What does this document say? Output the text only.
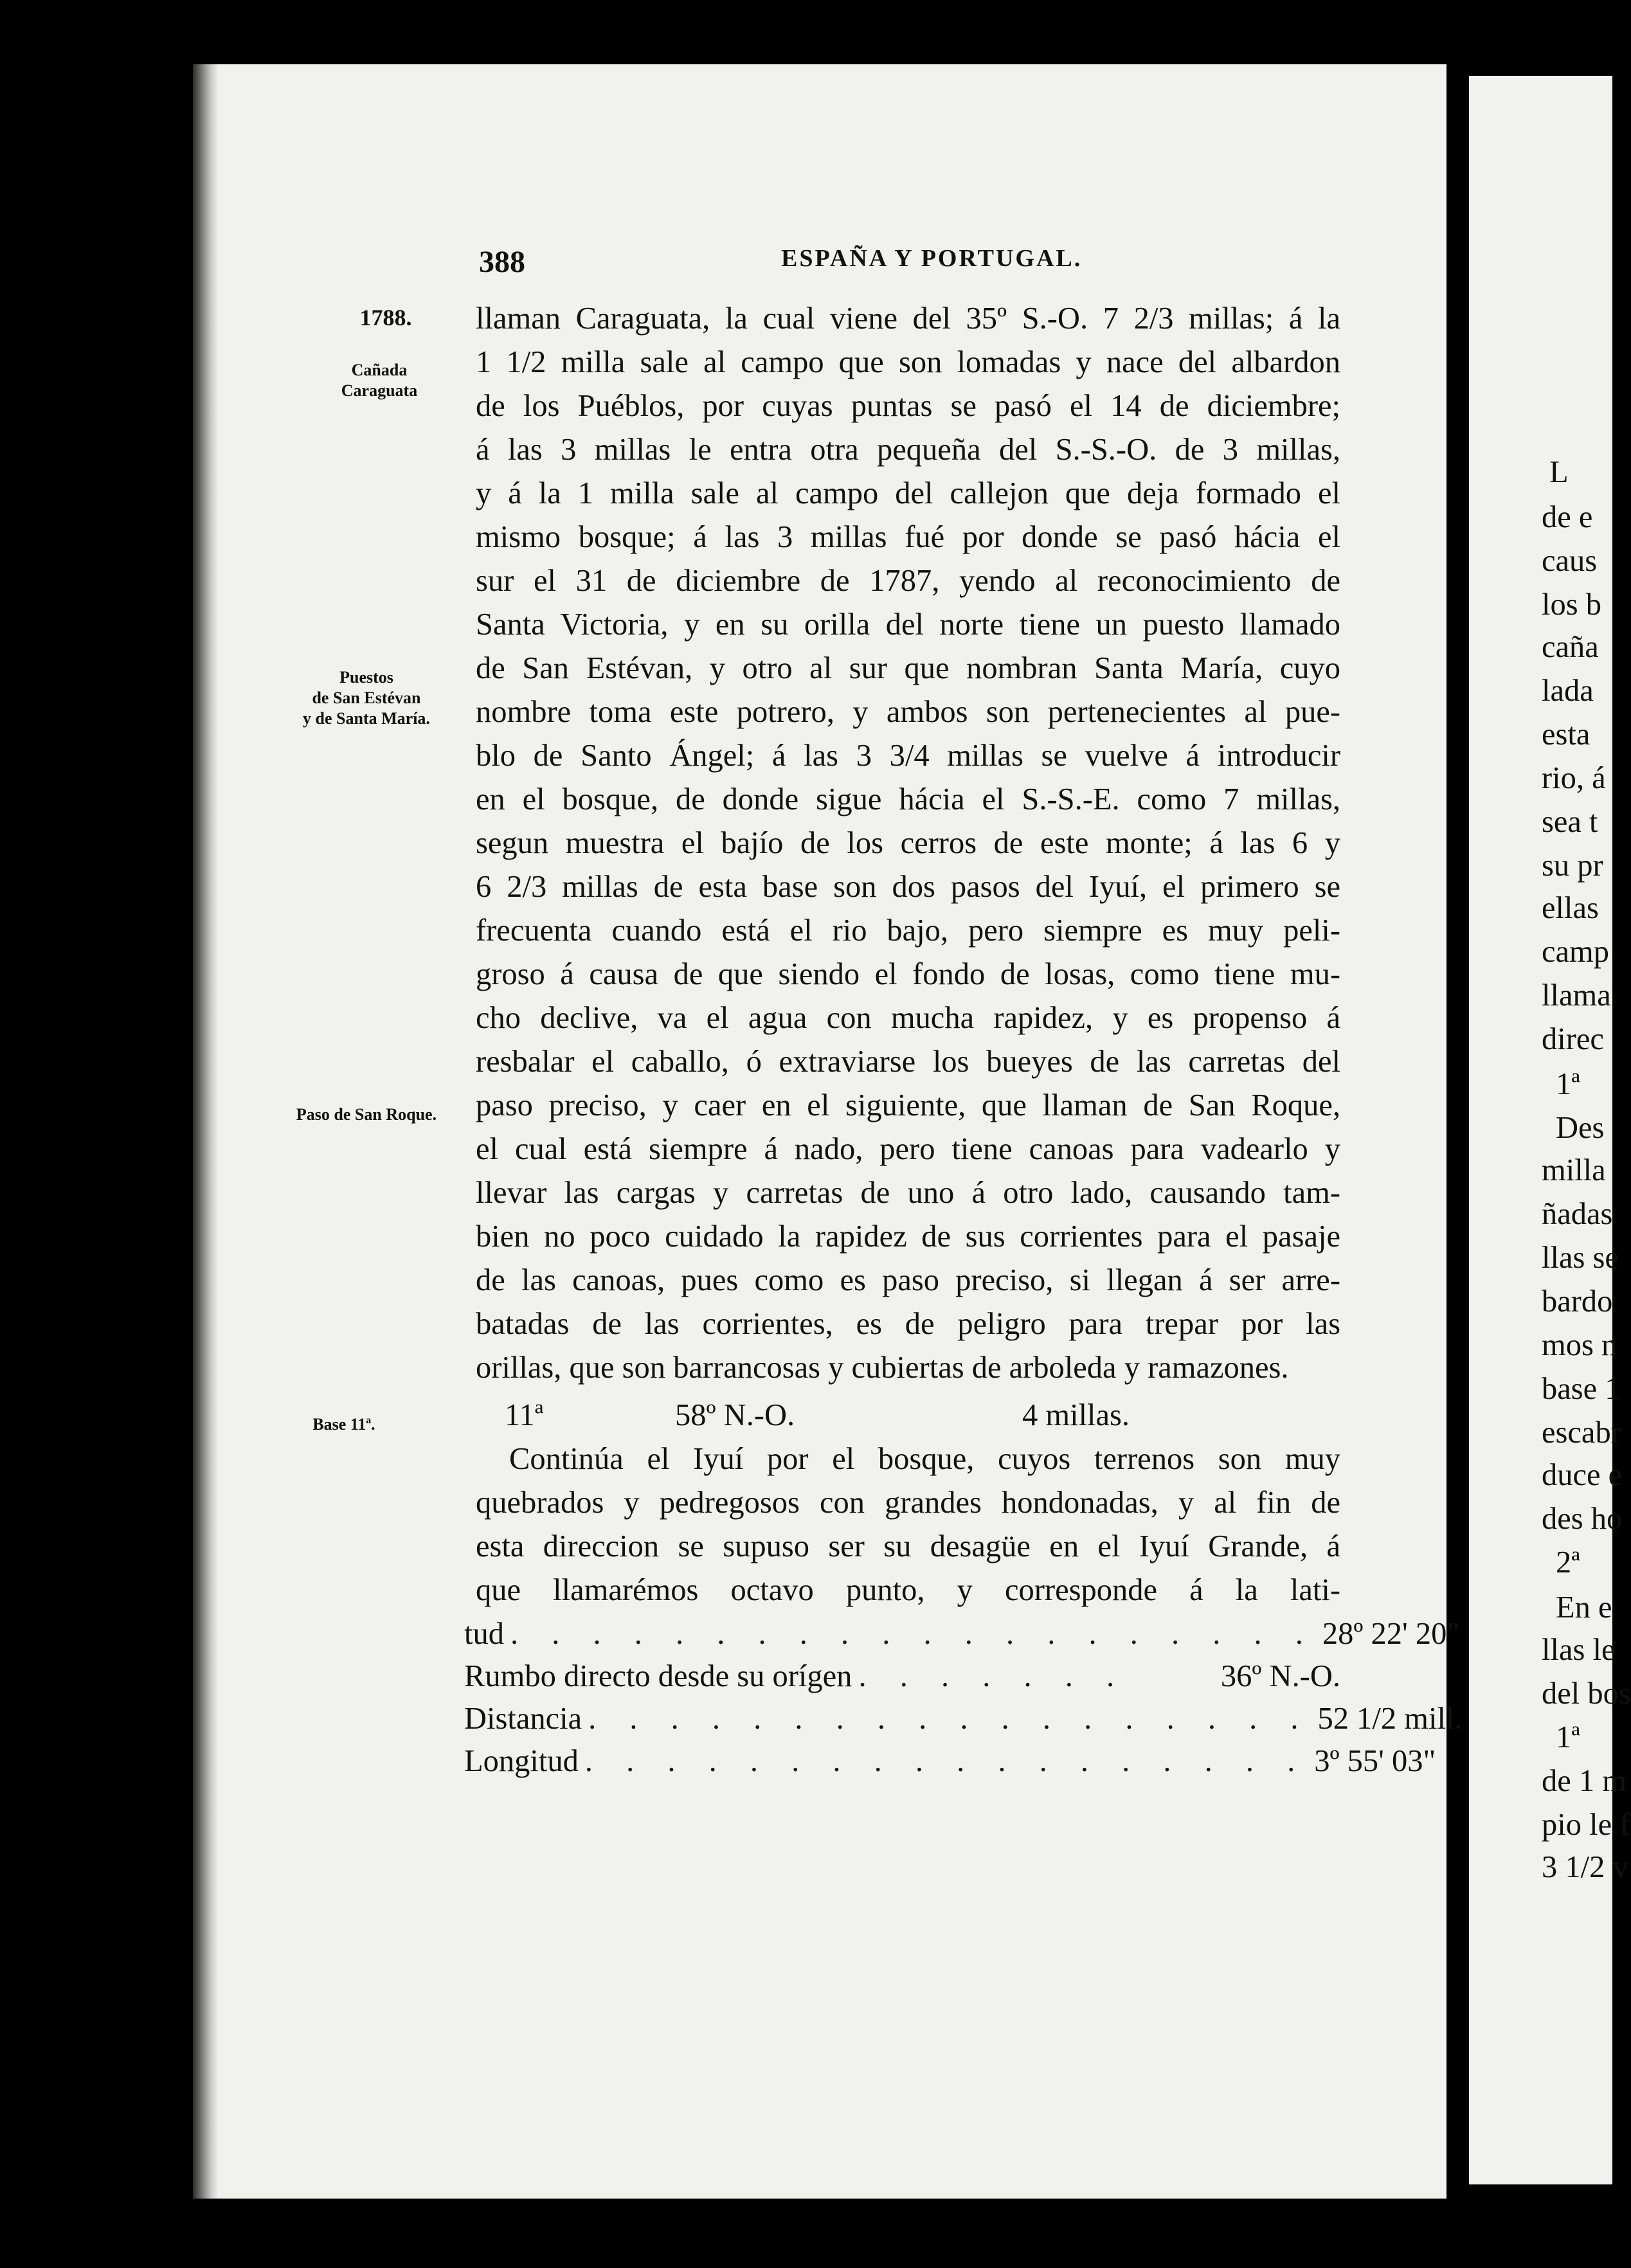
388	ESPAÑA Y PORTUGAL.
1788.
Cañada
Caraguata
Puestos
de San Estévan
y de Santa María.
Paso de San Roque.
Base 11ª.
llaman Caraguata, la cual viene del 35º S.-O. 7 2/3 millas; á la
1 1/2 milla sale al campo que son lomadas y nace del albardon
de los Puéblos, por cuyas puntas se pasó el 14 de diciembre;
á las 3 millas le entra otra pequeña del S.-S.-O. de 3 millas,
y á la 1 milla sale al campo del callejon que deja formado el
mismo bosque; á las 3 millas fué por donde se pasó hácia el
sur el 31 de diciembre de 1787, yendo al reconocimiento de
Santa Victoria, y en su orilla del norte tiene un puesto llamado
de San Estévan, y otro al sur que nombran Santa María, cuyo
nombre toma este potrero, y ambos son pertenecientes al pue-
blo de Santo Ángel; á las 3 3/4 millas se vuelve á introducir
en el bosque, de donde sigue hácia el S.-S.-E. como 7 millas,
segun muestra el bajío de los cerros de este monte; á las 6 y
6 2/3 millas de esta base son dos pasos del Iyuí, el primero se
frecuenta cuando está el rio bajo, pero siempre es muy peli-
groso á causa de que siendo el fondo de losas, como tiene mu-
cho declive, va el agua con mucha rapidez, y es propenso á
resbalar el caballo, ó extraviarse los bueyes de las carretas del
paso preciso, y caer en el siguiente, que llaman de San Roque,
el cual está siempre á nado, pero tiene canoas para vadearlo y
llevar las cargas y carretas de uno á otro lado, causando tam-
bien no poco cuidado la rapidez de sus corrientes para el pasaje
de las canoas, pues como es paso preciso, si llegan á ser arre-
batadas de las corrientes, es de peligro para trepar por las
orillas, que son barrancosas y cubiertas de arboleda y ramazones.
11ª	58º N.-O.	4 millas.
Continúa el Iyuí por el bosque, cuyos terrenos son muy
quebrados y pedregosos con grandes hondonadas, y al fin de
esta direccion se supuso ser su desagüe en el Iyuí Grande, á
que llamarémos octavo punto, y corresponde á la lati-
tud . . . . . . . . . . . . . . . . . . . . 28º 22' 20"
Rumbo directo desde su orígen . . . . . . .	36º N.-O.
Distancia . . . . . . . . . . . . . . . . . . 52 1/2 mill.
Longitud . . . . . . . . . . . . . . . . . . 3º 55' 03"
L
de e
caus
los b
caña
lada
esta
rio, á
sea t
su pr
ellas
camp
llama
direc
1ª
Des
milla
ñadas
llas se
bardo
mos n
base 1
escabr
duce e
des ho
2ª
En e
llas le
del bos
1ª
de 1 m
pio le f
3 1/2 v
